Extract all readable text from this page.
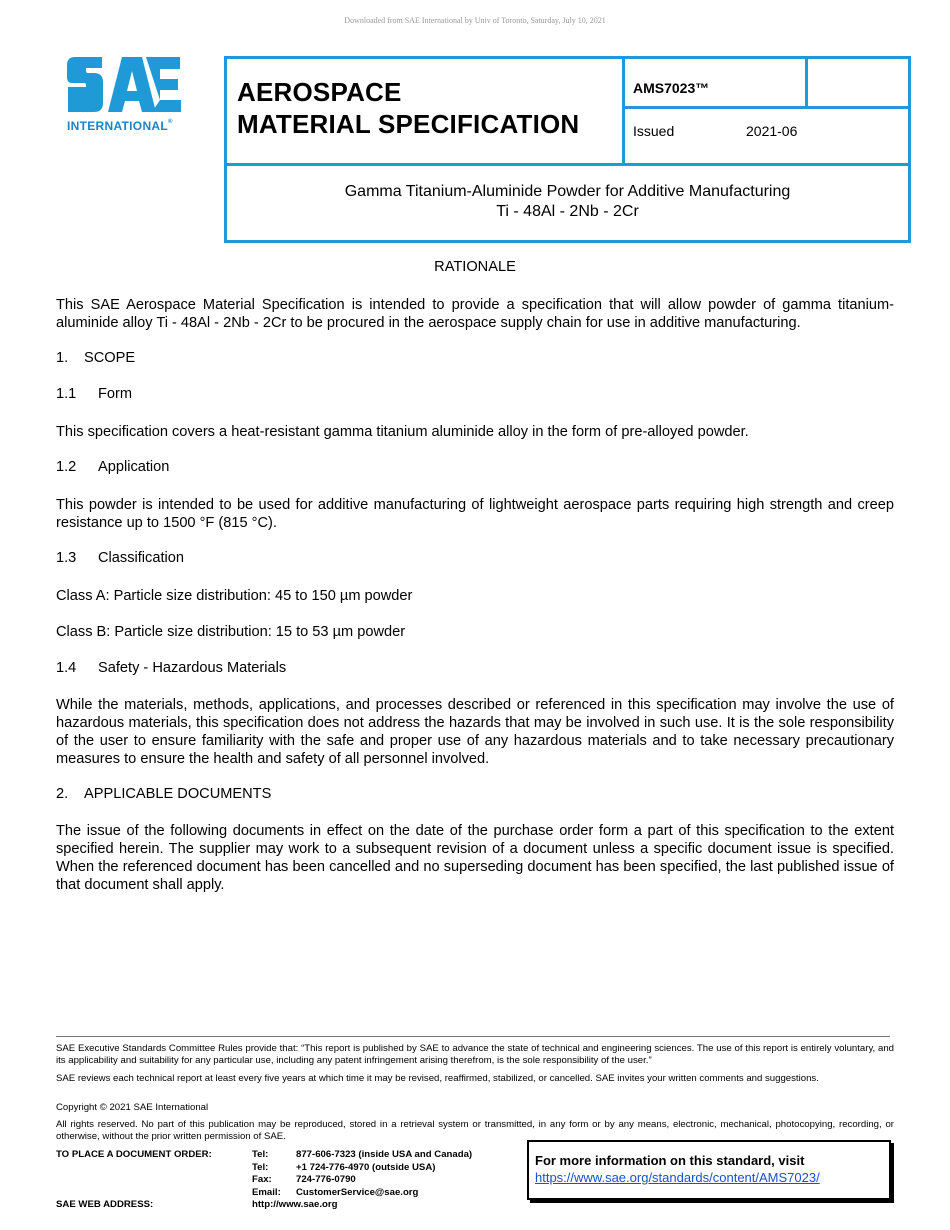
Downloaded from SAE International by Univ of Toronto, Saturday, July 10, 2021
INTERNATIONAL®
AEROSPACE
MATERIAL SPECIFICATION
AMS7023™
Issued	2021-06
Gamma Titanium-Aluminide Powder for Additive Manufacturing
Ti - 48Al - 2Nb - 2Cr
RATIONALE
This SAE Aerospace Material Specification is intended to provide a specification that will allow powder of gamma titanium-aluminide alloy Ti - 48Al - 2Nb - 2Cr to be procured in the aerospace supply chain for use in additive manufacturing.
1. SCOPE
1.1 Form
This specification covers a heat-resistant gamma titanium aluminide alloy in the form of pre-alloyed powder.
1.2 Application
This powder is intended to be used for additive manufacturing of lightweight aerospace parts requiring high strength and creep resistance up to 1500 °F (815 °C).
1.3 Classification
Class A: Particle size distribution: 45 to 150 µm powder
Class B: Particle size distribution: 15 to 53 µm powder
1.4 Safety - Hazardous Materials
While the materials, methods, applications, and processes described or referenced in this specification may involve the use of hazardous materials, this specification does not address the hazards that may be involved in such use. It is the sole responsibility of the user to ensure familiarity with the safe and proper use of any hazardous materials and to take necessary precautionary measures to ensure the health and safety of all personnel involved.
2. APPLICABLE DOCUMENTS
The issue of the following documents in effect on the date of the purchase order form a part of this specification to the extent specified herein. The supplier may work to a subsequent revision of a document unless a specific document issue is specified. When the referenced document has been cancelled and no superseding document has been specified, the last published issue of that document shall apply.
SAE Executive Standards Committee Rules provide that: “This report is published by SAE to advance the state of technical and engineering sciences. The use of this report is entirely voluntary, and its applicability and suitability for any particular use, including any patent infringement arising therefrom, is the sole responsibility of the user.”
SAE reviews each technical report at least every five years at which time it may be revised, reaffirmed, stabilized, or cancelled. SAE invites your written comments and suggestions.
Copyright © 2021 SAE International
All rights reserved. No part of this publication may be reproduced, stored in a retrieval system or transmitted, in any form or by any means, electronic, mechanical, photocopying, recording, or otherwise, without the prior written permission of SAE.
TO PLACE A DOCUMENT ORDER:	Tel:	877-606-7323 (inside USA and Canada)
Tel:	+1 724-776-4970 (outside USA)
Fax:	724-776-0790
Email: CustomerService@sae.org
SAE WEB ADDRESS:	http://www.sae.org
For more information on this standard, visit
https://www.sae.org/standards/content/AMS7023/
